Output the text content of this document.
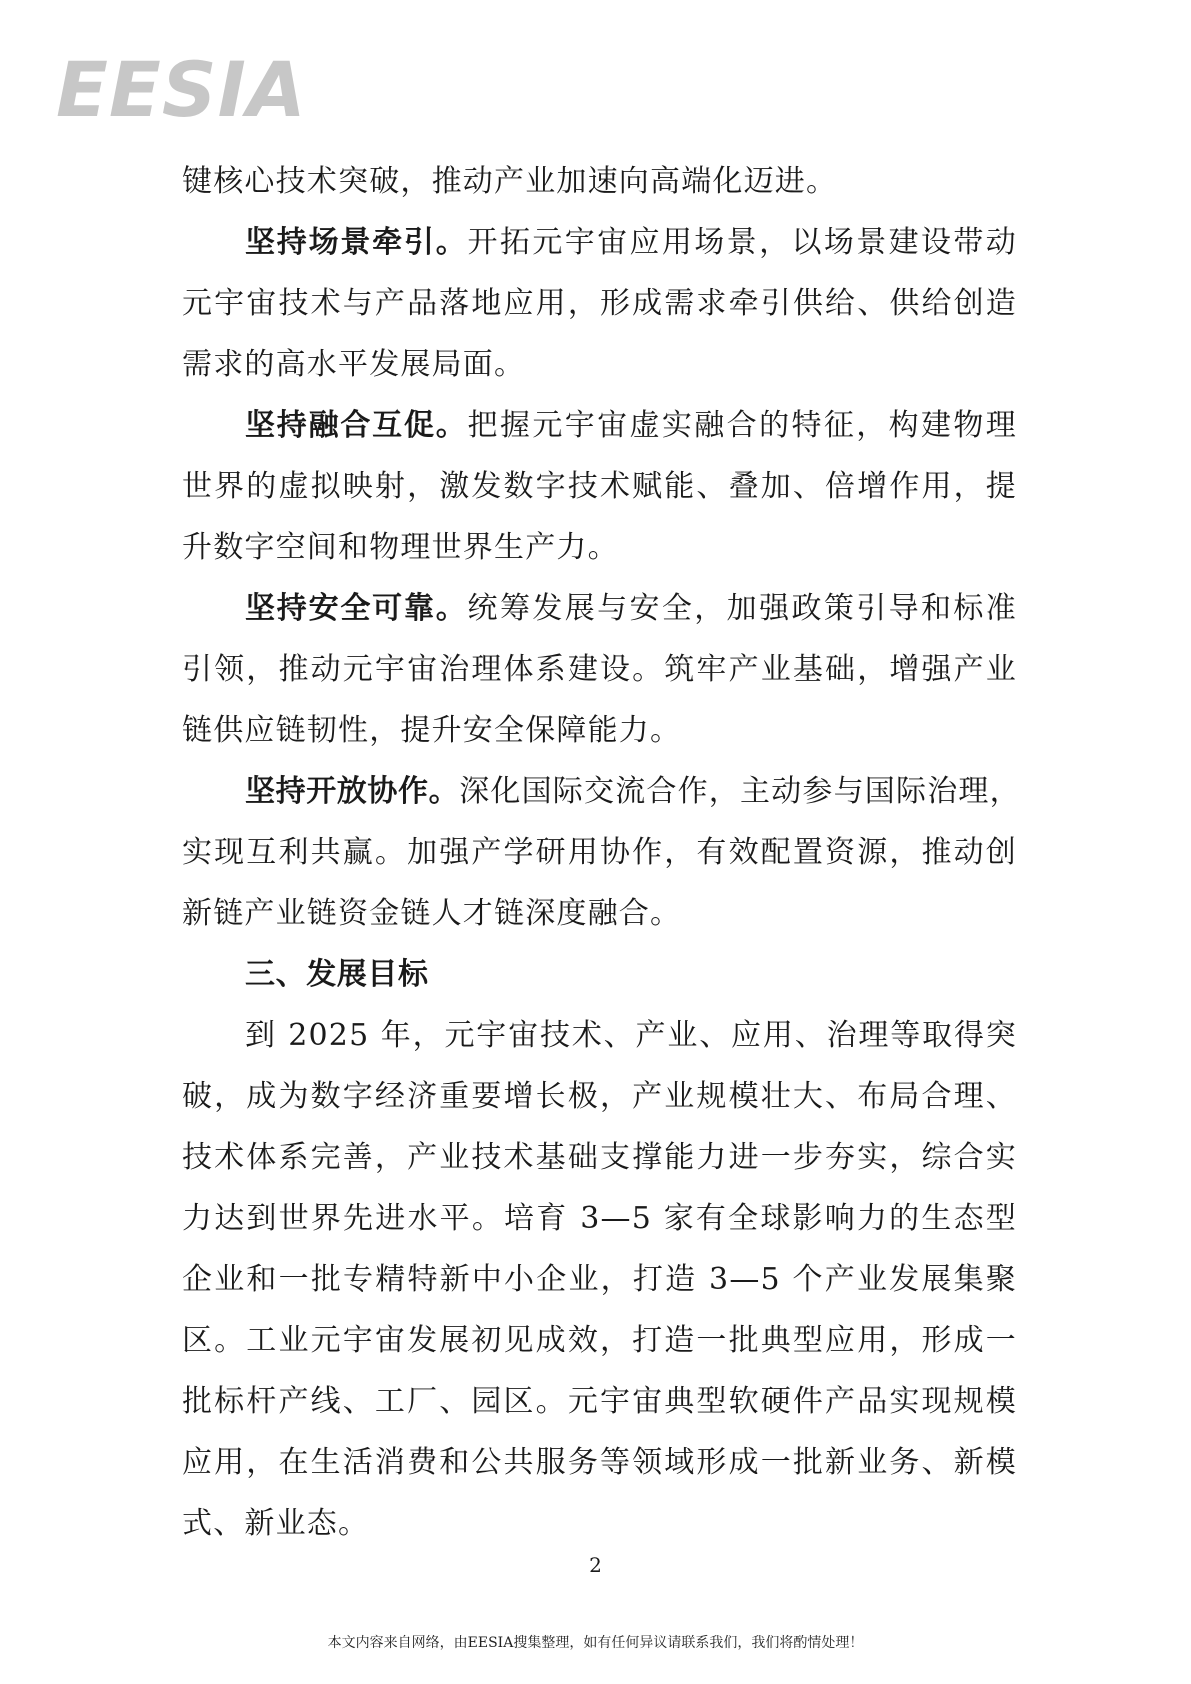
EESIA
键核心技术突破，推动产业加速向高端化迈进。
坚持场景牵引。开拓元宇宙应用场景，以场景建设带动
元宇宙技术与产品落地应用，形成需求牵引供给、供给创造
需求的高水平发展局面。
坚持融合互促。把握元宇宙虚实融合的特征，构建物理
世界的虚拟映射，激发数字技术赋能、叠加、倍增作用，提
升数字空间和物理世界生产力。
坚持安全可靠。统筹发展与安全，加强政策引导和标准
引领，推动元宇宙治理体系建设。筑牢产业基础，增强产业
链供应链韧性，提升安全保障能力。
坚持开放协作。深化国际交流合作，主动参与国际治理，
实现互利共赢。加强产学研用协作，有效配置资源，推动创
新链产业链资金链人才链深度融合。
三、发展目标
到 2025 年，元宇宙技术、产业、应用、治理等取得突
破，成为数字经济重要增长极，产业规模壮大、布局合理、
技术体系完善，产业技术基础支撑能力进一步夯实，综合实
力达到世界先进水平。培育 3—5 家有全球影响力的生态型
企业和一批专精特新中小企业，打造 3—5 个产业发展集聚
区。工业元宇宙发展初见成效，打造一批典型应用，形成一
批标杆产线、工厂、园区。元宇宙典型软硬件产品实现规模
应用，在生活消费和公共服务等领域形成一批新业务、新模
式、新业态。
2
本文内容来自网络，由EESIA搜集整理，如有任何异议请联系我们，我们将酌情处理！
